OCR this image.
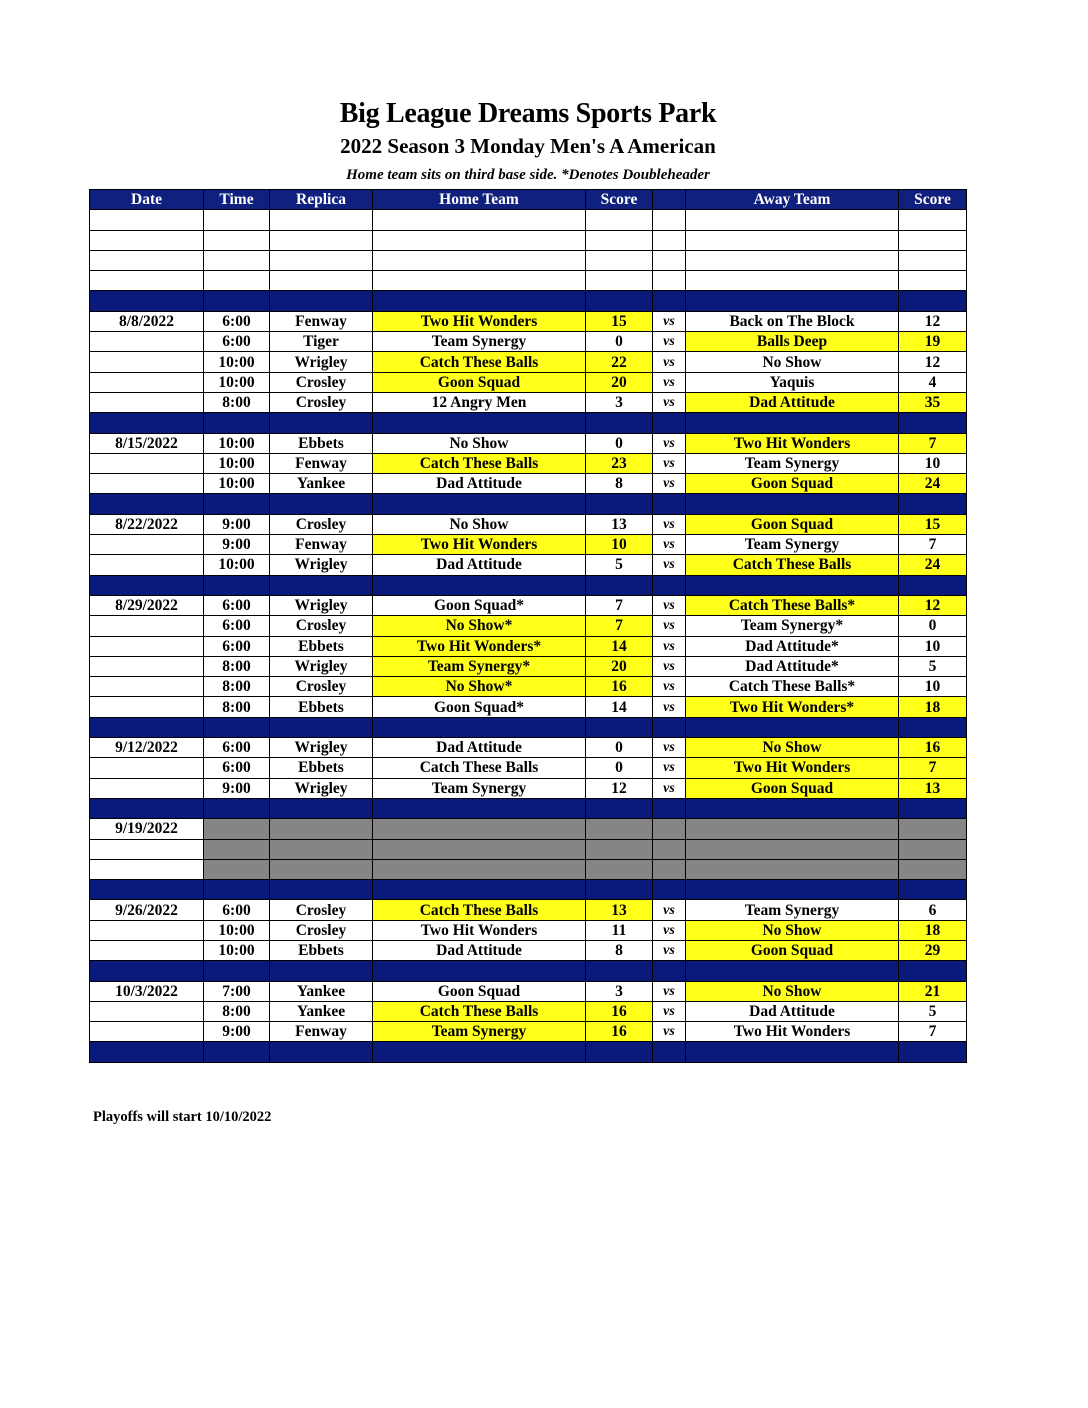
Big League Dreams Sports Park
2022 Season 3 Monday Men's A American
Home team sits on third base side. *Denotes Doubleheader
Date	Time	Replica	Home Team	Score		Away Team	Score

8/8/2022	6:00	Fenway	Two Hit Wonders	15	vs	Back on The Block	12
	6:00	Tiger	Team Synergy	0	vs	Balls Deep	19
	10:00	Wrigley	Catch These Balls	22	vs	No Show	12
	10:00	Crosley	Goon Squad	20	vs	Yaquis	4
	8:00	Crosley	12 Angry Men	3	vs	Dad Attitude	35

8/15/2022	10:00	Ebbets	No Show	0	vs	Two Hit Wonders	7
	10:00	Fenway	Catch These Balls	23	vs	Team Synergy	10
	10:00	Yankee	Dad Attitude	8	vs	Goon Squad	24

8/22/2022	9:00	Crosley	No Show	13	vs	Goon Squad	15
	9:00	Fenway	Two Hit Wonders	10	vs	Team Synergy	7
	10:00	Wrigley	Dad Attitude	5	vs	Catch These Balls	24

8/29/2022	6:00	Wrigley	Goon Squad*	7	vs	Catch These Balls*	12
	6:00	Crosley	No Show*	7	vs	Team Synergy*	0
	6:00	Ebbets	Two Hit Wonders*	14	vs	Dad Attitude*	10
	8:00	Wrigley	Team Synergy*	20	vs	Dad Attitude*	5
	8:00	Crosley	No Show*	16	vs	Catch These Balls*	10
	8:00	Ebbets	Goon Squad*	14	vs	Two Hit Wonders*	18

9/12/2022	6:00	Wrigley	Dad Attitude	0	vs	No Show	16
	6:00	Ebbets	Catch These Balls	0	vs	Two Hit Wonders	7
	9:00	Wrigley	Team Synergy	12	vs	Goon Squad	13

9/19/2022							

9/26/2022	6:00	Crosley	Catch These Balls	13	vs	Team Synergy	6
	10:00	Crosley	Two Hit Wonders	11	vs	No Show	18
	10:00	Ebbets	Dad Attitude	8	vs	Goon Squad	29

10/3/2022	7:00	Yankee	Goon Squad	3	vs	No Show	21
	8:00	Yankee	Catch These Balls	16	vs	Dad Attitude	5
	9:00	Fenway	Team Synergy	16	vs	Two Hit Wonders	7

Playoffs will start 10/10/2022
